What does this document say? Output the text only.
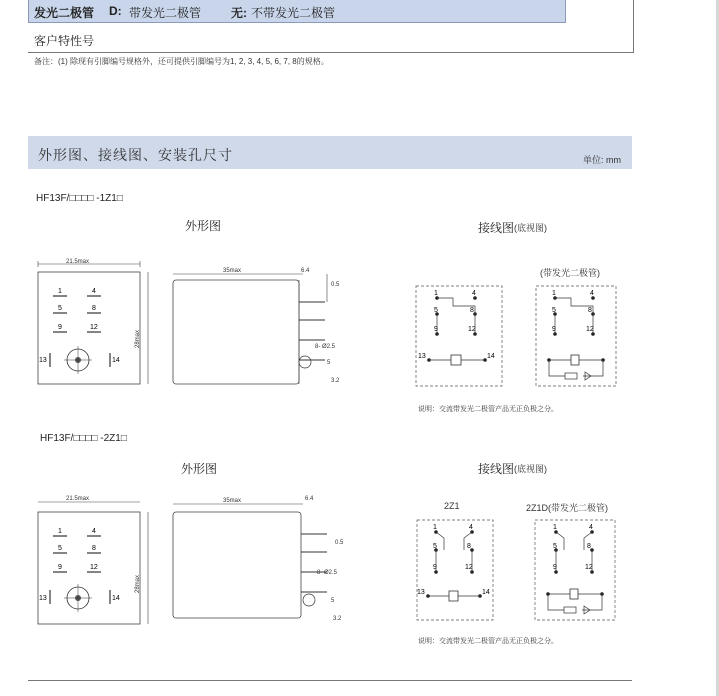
发光二极管 D: 带发光二极管 无: 不带发光二极管
客户特性号
备注：(1) 除现有引脚编号规格外，还可提供引脚编号为1, 2, 3, 4, 5, 6, 7, 8的规格。
外形图、接线图、安装孔尺寸	单位: mm
HF13F/□□□□ -1Z1□
外形图	接线图 (底视图)
(带发光二极管)
说明：交流带发光二极管产品无正负极之分。
HF13F/□□□□ -2Z1□
外形图	接线图 (底视图)
2Z1	2Z1D(带发光二极管)
说明：交流带发光二极管产品无正负极之分。
21.5max
28max
1	4
5	8
9	12
13	14
35max	6.4
0.5
8- Ø2.5
5
3.2
1	4
5	8
9	12
13	14
1	4
5	8
9	12
21.5max
28max
1	4
5	8
9	12
13	14
35max	6.4
0.5
8- Ø2.5
5
3.2
1	4
5	8
9	12
13	14
1	4
5	8
9	12
